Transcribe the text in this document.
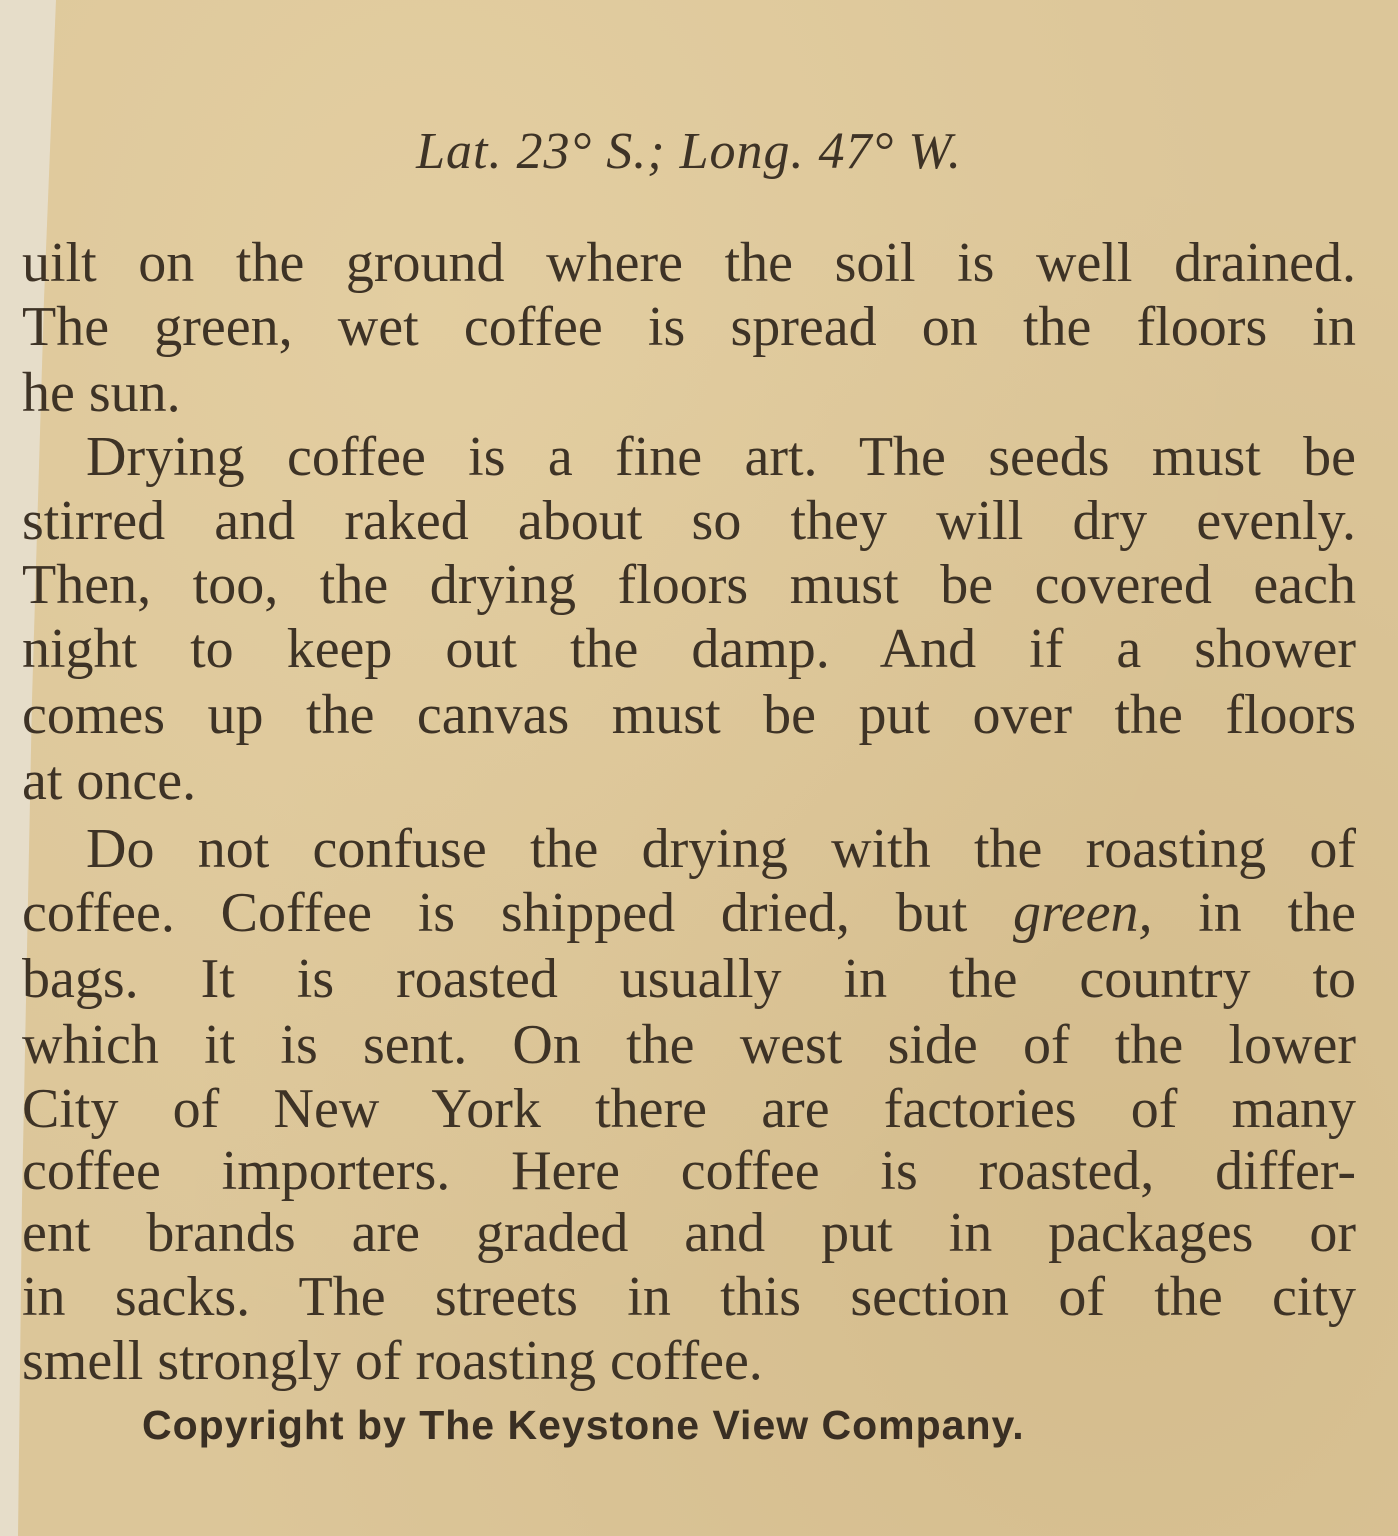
Lat. 23° S.; Long. 47° W.
uilt on the ground where the soil is well drained.
The green, wet coffee is spread on the floors in
he sun.
Drying coffee is a fine art. The seeds must be
stirred and raked about so they will dry evenly.
Then, too, the drying floors must be covered each
night to keep out the damp. And if a shower
comes up the canvas must be put over the floors
at once.
Do not confuse the drying with the roasting of
coffee. Coffee is shipped dried, but green, in the
bags. It is roasted usually in the country to
which it is sent. On the west side of the lower
City of New York there are factories of many
coffee importers. Here coffee is roasted, differ-
ent brands are graded and put in packages or
in sacks. The streets in this section of the city
smell strongly of roasting coffee.
Copyright by The Keystone View Company.
